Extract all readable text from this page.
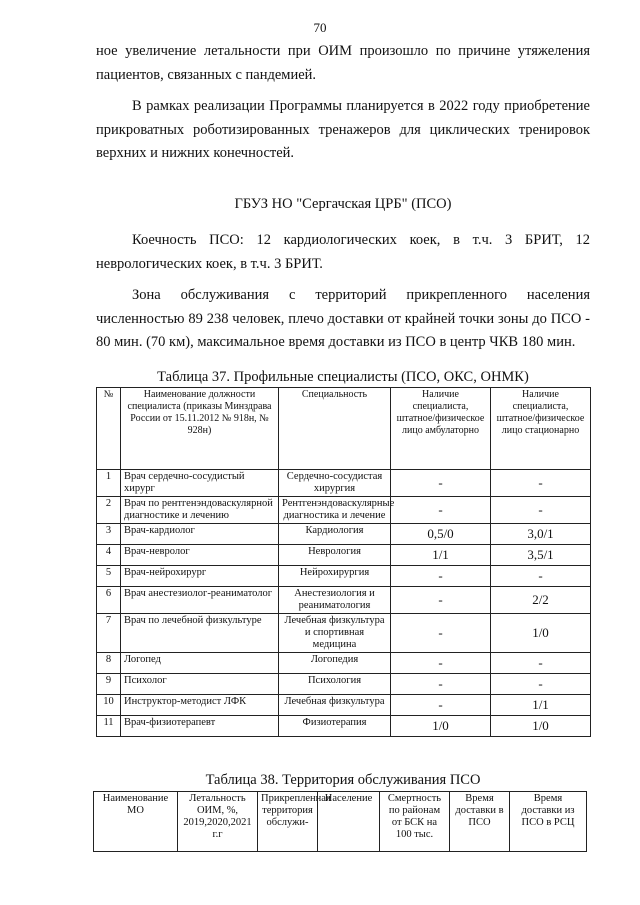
70

ное увеличение летальности при ОИМ произошло по причине утяжеления пациентов, связанных с пандемией.

В рамках реализации Программы планируется в 2022 году приобретение прикроватных роботизированных тренажеров для циклических тренировок верхних и нижних конечностей.

ГБУЗ НО "Сергачская ЦРБ" (ПСО)

Коечность ПСО: 12 кардиологических коек, в т.ч. 3 БРИТ, 12 неврологических коек, в т.ч. 3 БРИТ.

Зона обслуживания с территорий прикрепленного населения численностью 89 238 человек, плечо доставки от крайней точки зоны до ПСО - 80 мин. (70 км), максимальное время доставки из ПСО в центр ЧКВ 180 мин.

Таблица 37. Профильные специалисты (ПСО, ОКС, ОНМК)

№	Наименование должности специалиста (приказы Минздрава России от 15.11.2012 № 918н, № 928н)	Специальность	Наличие специалиста, штатное/физическое лицо амбулаторно	Наличие специалиста, штатное/физическое лицо стационарно
1	Врач сердечно-сосудистый хирург	Сердечно-сосудистая хирургия	-	-
2	Врач по рентгенэндоваскулярной диагностике и лечению	Рентгенэндоваскулярные диагностика и лечение	-	-
3	Врач-кардиолог	Кардиология	0,5/0	3,0/1
4	Врач-невролог	Неврология	1/1	3,5/1
5	Врач-нейрохирург	Нейрохирургия	-	-
6	Врач анестезиолог-реаниматолог	Анестезиология и реаниматология	-	2/2
7	Врач по лечебной физкультуре	Лечебная физкультура и спортивная медицина	-	1/0
8	Логопед	Логопедия	-	-
9	Психолог	Психология	-	-
10	Инструктор-методист ЛФК	Лечебная физкультура	-	1/1
11	Врач-физиотерапевт	Физиотерапия	1/0	1/0

Таблица 38. Территория обслуживания ПСО

Наименование МО	Летальность ОИМ, %, 2019,2020,2021 г.г	Прикрепленная территория обслужи-	Население	Смертность по районам от БСК на 100 тыс.	Время доставки в ПСО	Время доставки из ПСО в РСЦ
